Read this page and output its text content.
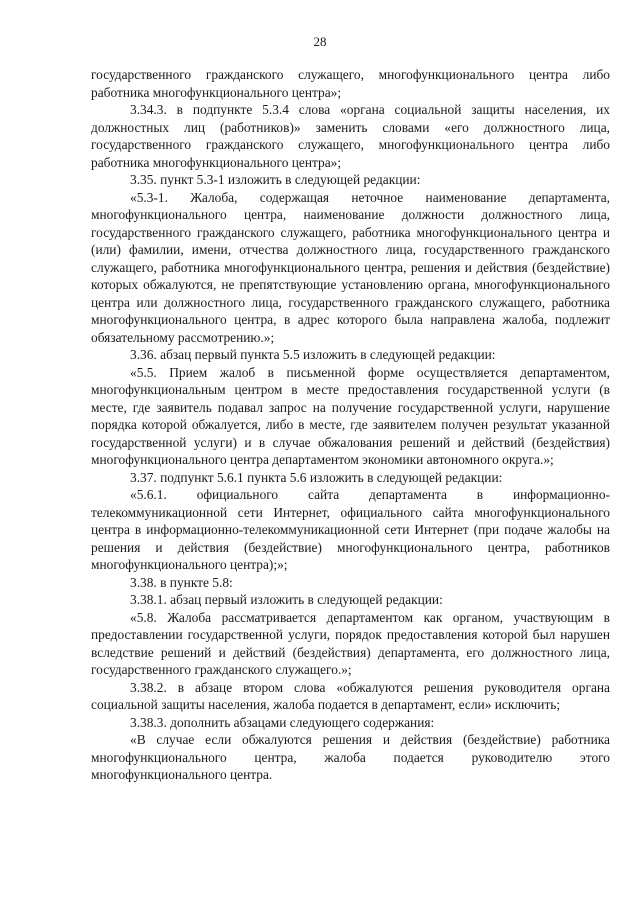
28

государственного гражданского служащего, многофункционального центра либо работника многофункционального центра»;

3.34.3. в подпункте 5.3.4 слова «органа социальной защиты населения, их должностных лиц (работников)» заменить словами «его должностного лица, государственного гражданского служащего, многофункционального центра либо работника многофункционального центра»;

3.35. пункт 5.3-1 изложить в следующей редакции:

«5.3-1. Жалоба, содержащая неточное наименование департамента, многофункционального центра, наименование должности должностного лица, государственного гражданского служащего, работника многофункционального центра и (или) фамилии, имени, отчества должностного лица, государственного гражданского служащего, работника многофункционального центра, решения и действия (бездействие) которых обжалуются, не препятствующие установлению органа, многофункционального центра или должностного лица, государственного гражданского служащего, работника многофункционального центра, в адрес которого была направлена жалоба, подлежит обязательному рассмотрению.»;

3.36. абзац первый пункта 5.5 изложить в следующей редакции:

«5.5. Прием жалоб в письменной форме осуществляется департаментом, многофункциональным центром в месте предоставления государственной услуги (в месте, где заявитель подавал запрос на получение государственной услуги, нарушение порядка которой обжалуется, либо в месте, где заявителем получен результат указанной государственной услуги) и в случае обжалования решений и действий (бездействия) многофункционального центра департаментом экономики автономного округа.»;

3.37. подпункт 5.6.1 пункта 5.6 изложить в следующей редакции:

«5.6.1. официального сайта департамента в информационно-телекоммуникационной сети Интернет, официального сайта многофункционального центра в информационно-телекоммуникационной сети Интернет (при подаче жалобы на решения и действия (бездействие) многофункционального центра, работников многофункционального центра);»;

3.38. в пункте 5.8:

3.38.1. абзац первый изложить в следующей редакции:

«5.8. Жалоба рассматривается департаментом как органом, участвующим в предоставлении государственной услуги, порядок предоставления которой был нарушен вследствие решений и действий (бездействия) департамента, его должностного лица, государственного гражданского служащего.»;

3.38.2. в абзаце втором слова «обжалуются решения руководителя органа социальной защиты населения, жалоба подается в департамент, если» исключить;

3.38.3. дополнить абзацами следующего содержания:

«В случае если обжалуются решения и действия (бездействие) работника многофункционального центра, жалоба подается руководителю этого многофункционального центра.
